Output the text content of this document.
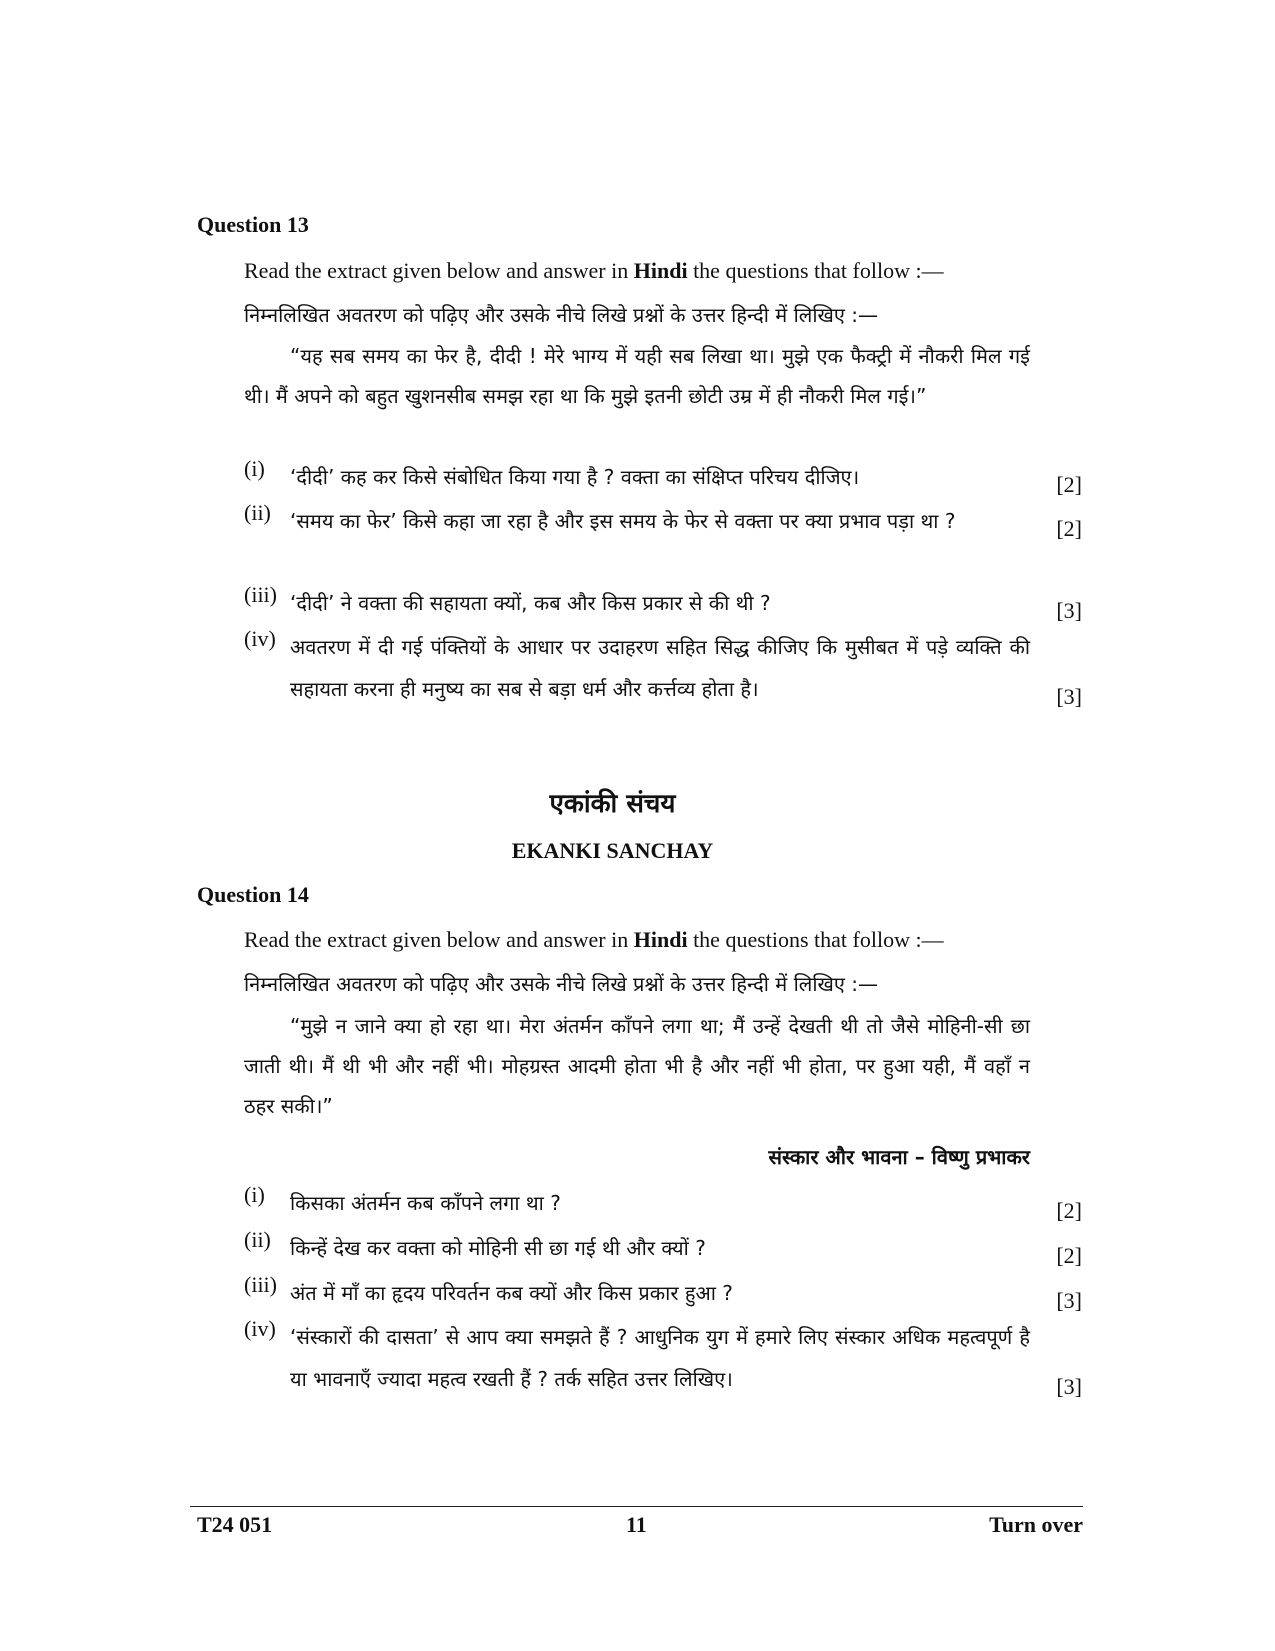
Question 13
Read the extract given below and answer in Hindi the questions that follow :—
निम्नलिखित अवतरण को पढ़िए और उसके नीचे लिखे प्रश्नों के उत्तर हिन्दी में लिखिए :—
“यह सब समय का फेर है, दीदी ! मेरे भाग्य में यही सब लिखा था। मुझे एक फैक्ट्री में नौकरी मिल गई थी। मैं अपने को बहुत खुशनसीब समझ रहा था कि मुझे इतनी छोटी उम्र में ही नौकरी मिल गई।”
(i) ‘दीदी’ कह कर किसे संबोधित किया गया है ? वक्ता का संक्षिप्त परिचय दीजिए।	[2]
(ii) ‘समय का फेर’ किसे कहा जा रहा है और इस समय के फेर से वक्ता पर क्या प्रभाव पड़ा था ?	[2]
(iii) ‘दीदी’ ने वक्ता की सहायता क्यों, कब और किस प्रकार से की थी ?	[3]
(iv) अवतरण में दी गई पंक्तियों के आधार पर उदाहरण सहित सिद्ध कीजिए कि मुसीबत में पड़े व्यक्ति की सहायता करना ही मनुष्य का सब से बड़ा धर्म और कर्त्तव्य होता है।	[3]
एकांकी संचय
EKANKI SANCHAY
Question 14
Read the extract given below and answer in Hindi the questions that follow :—
निम्नलिखित अवतरण को पढ़िए और उसके नीचे लिखे प्रश्नों के उत्तर हिन्दी में लिखिए :—
“मुझे न जाने क्या हो रहा था। मेरा अंतर्मन काँपने लगा था; मैं उन्हें देखती थी तो जैसे मोहिनी-सी छा जाती थी। मैं थी भी और नहीं भी। मोहग्रस्त आदमी होता भी है और नहीं भी होता, पर हुआ यही, मैं वहाँ न ठहर सकी।”
संस्कार और भावना – विष्णु प्रभाकर
(i) किसका अंतर्मन कब काँपने लगा था ?	[2]
(ii) किन्हें देख कर वक्ता को मोहिनी सी छा गई थी और क्यों ?	[2]
(iii) अंत में माँ का हृदय परिवर्तन कब क्यों और किस प्रकार हुआ ?	[3]
(iv) ‘संस्कारों की दासता’ से आप क्या समझते हैं ? आधुनिक युग में हमारे लिए संस्कार अधिक महत्वपूर्ण है या भावनाएँ ज्यादा महत्व रखती हैं ? तर्क सहित उत्तर लिखिए।	[3]
T24 051	11	Turn over
